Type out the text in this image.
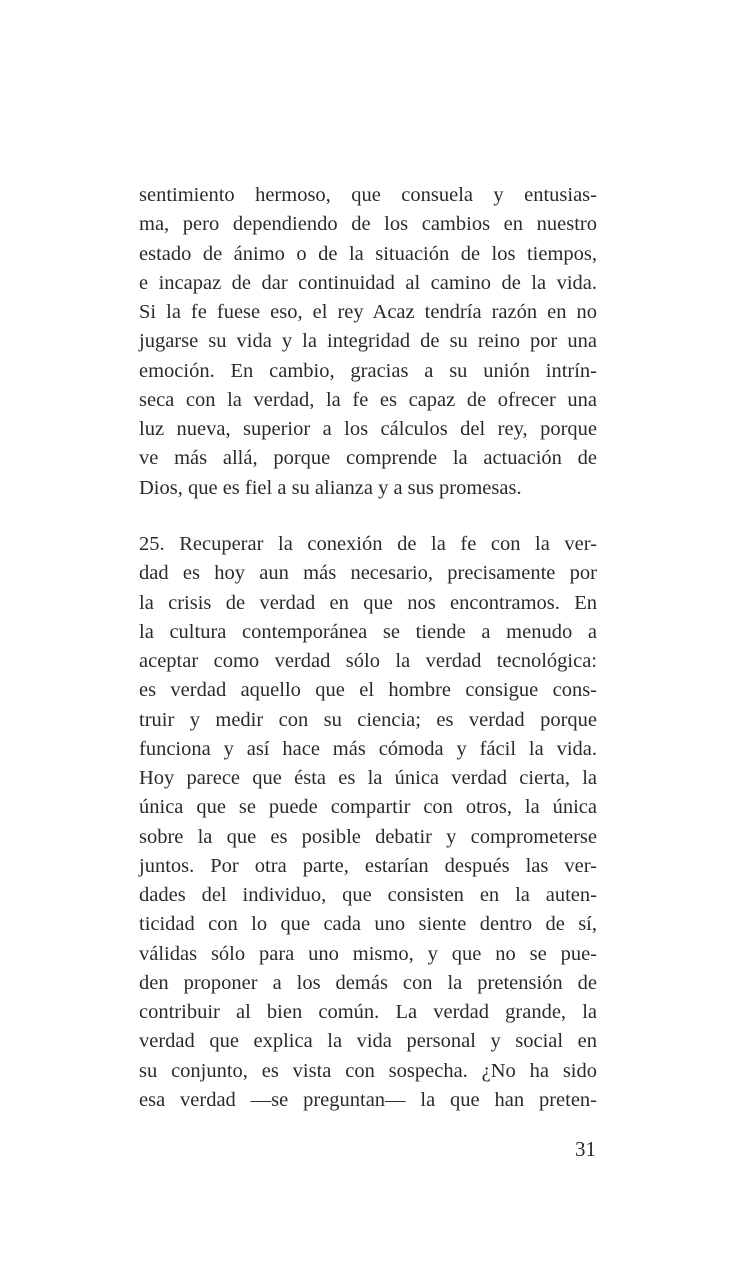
sentimiento hermoso, que consuela y entusias-
ma, pero dependiendo de los cambios en nuestro
estado de ánimo o de la situación de los tiempos,
e incapaz de dar continuidad al camino de la vida.
Si la fe fuese eso, el rey Acaz tendría razón en no
jugarse su vida y la integridad de su reino por una
emoción. En cambio, gracias a su unión intrín-
seca con la verdad, la fe es capaz de ofrecer una
luz nueva, superior a los cálculos del rey, porque
ve más allá, porque comprende la actuación de
Dios, que es fiel a su alianza y a sus promesas.
25. Recuperar la conexión de la fe con la ver-
dad es hoy aun más necesario, precisamente por
la crisis de verdad en que nos encontramos. En
la cultura contemporánea se tiende a menudo a
aceptar como verdad sólo la verdad tecnológica:
es verdad aquello que el hombre consigue cons-
truir y medir con su ciencia; es verdad porque
funciona y así hace más cómoda y fácil la vida.
Hoy parece que ésta es la única verdad cierta, la
única que se puede compartir con otros, la única
sobre la que es posible debatir y comprometerse
juntos. Por otra parte, estarían después las ver-
dades del individuo, que consisten en la auten-
ticidad con lo que cada uno siente dentro de sí,
válidas sólo para uno mismo, y que no se pue-
den proponer a los demás con la pretensión de
contribuir al bien común. La verdad grande, la
verdad que explica la vida personal y social en
su conjunto, es vista con sospecha. ¿No ha sido
esa verdad —se preguntan— la que han preten-
31
